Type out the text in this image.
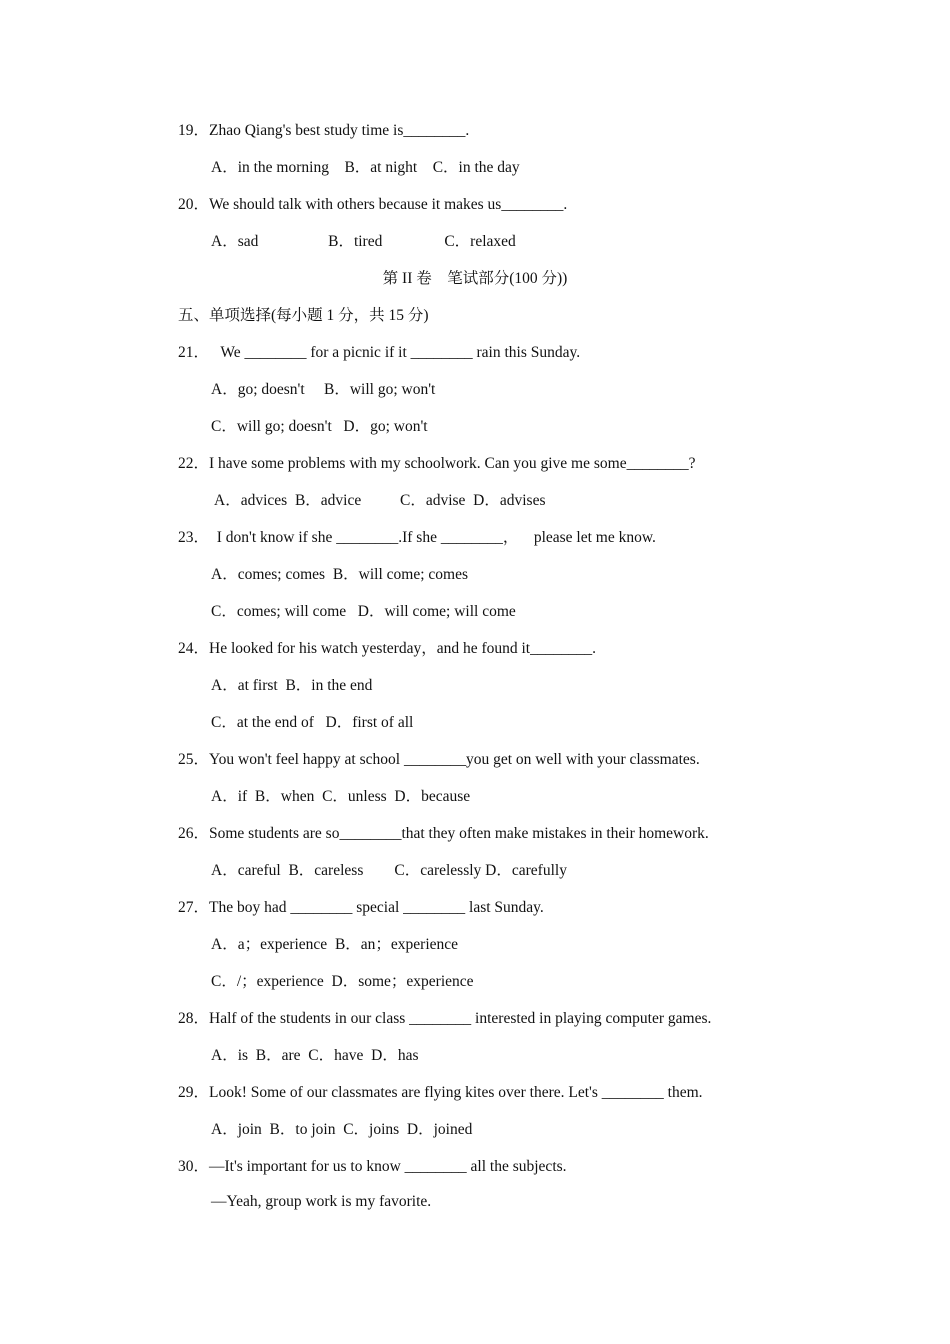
19．Zhao Qiang's best study time is________.
A．in the morning    B．at night    C．in the day
20．We should talk with others because it makes us________.
A．sad                  B．tired                C．relaxed
第 II 卷    笔试部分(100 分))
五、单项选择(每小题 1 分，共 15 分)
21．   We ________ for a picnic if it ________ rain this Sunday.
A．go; doesn't     B．will go; won't
C．will go; doesn't   D．go; won't
22．I have some problems with my schoolwork. Can you give me some________?
A．advices  B．advice          C．advise  D．advises
23．  I don't know if she ________.If she ________，    please let me know.
A．comes; comes  B．will come; comes
C．comes; will come   D．will come; will come
24．He looked for his watch yesterday，and he found it________.
A．at first  B．in the end
C．at the end of   D．first of all
25．You won't feel happy at school ________you get on well with your classmates.
A．if  B．when  C．unless  D．because
26．Some students are so________that they often make mistakes in their homework.
A．careful  B．careless        C．carelessly D．carefully
27．The boy had ________ special ________ last Sunday.
A．a；experience  B．an；experience
C．/；experience  D．some；experience
28．Half of the students in our class ________ interested in playing computer games.
A．is  B．are  C．have  D．has
29．Look! Some of our classmates are flying kites over there. Let's ________ them.
A．join  B．to join  C．joins  D．joined
30．—It's important for us to know ________ all the subjects.
—Yeah, group work is my favorite.
